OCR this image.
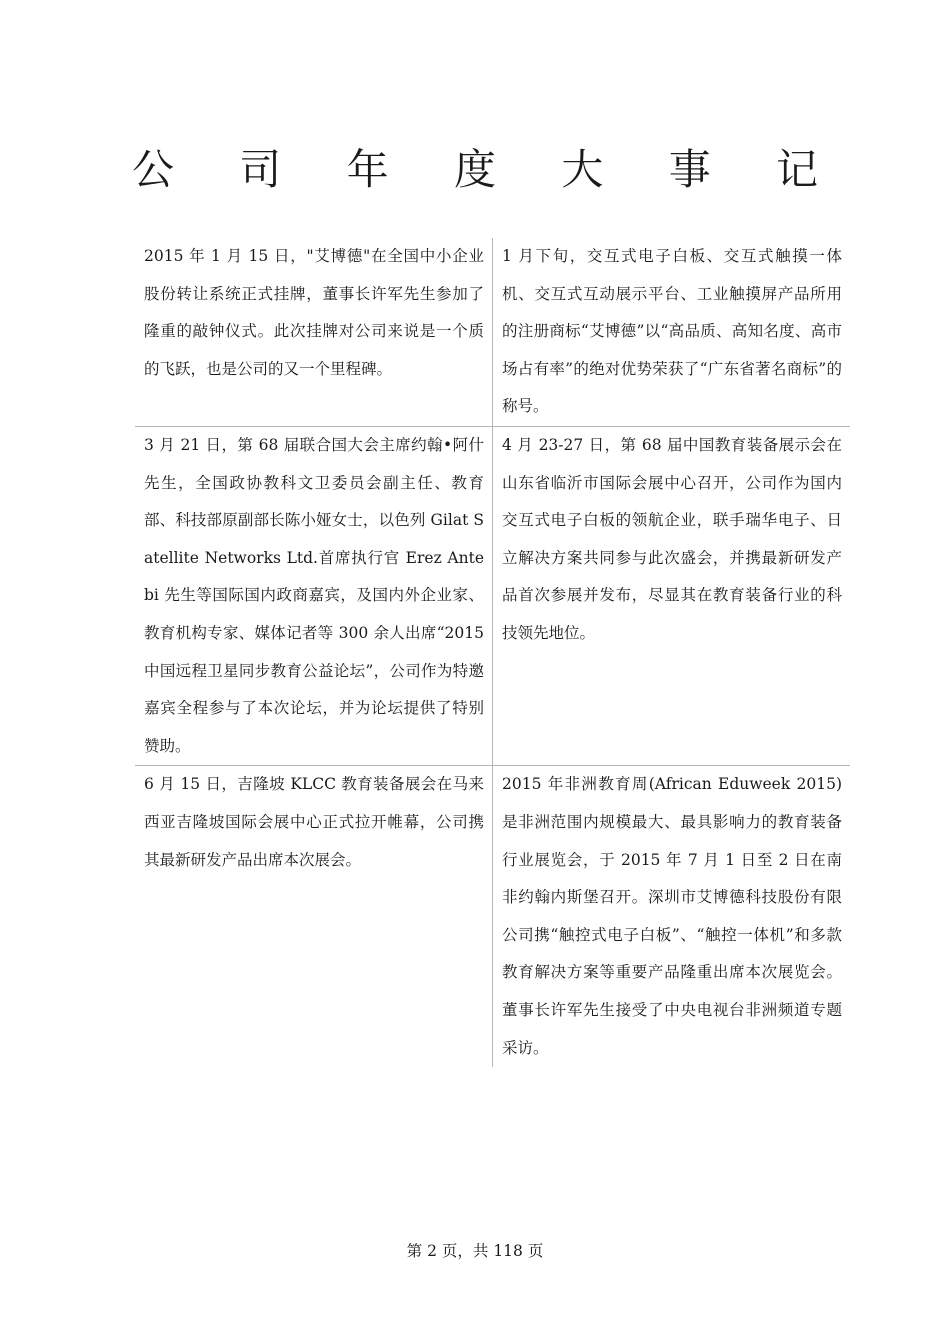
公 司 年 度 大 事 记
2015 年 1 月 15 日，"艾博德"在全国中小企业股份转让系统正式挂牌，董事长许军先生参加了隆重的敲钟仪式。此次挂牌对公司来说是一个质的飞跃，也是公司的又一个里程碑。	1 月下旬，交互式电子白板、交互式触摸一体机、交互式互动展示平台、工业触摸屏产品所用的注册商标“艾博德”以“高品质、高知名度、高市场占有率”的绝对优势荣获了“广东省著名商标”的称号。
3 月 21 日，第 68 届联合国大会主席约翰•阿什先生，全国政协教科文卫委员会副主任、教育部、科技部原副部长陈小娅女士，以色列 Gilat Satellite Networks Ltd.首席执行官 Erez Antebi 先生等国际国内政商嘉宾，及国内外企业家、教育机构专家、媒体记者等 300 余人出席“2015 中国远程卫星同步教育公益论坛”，公司作为特邀嘉宾全程参与了本次论坛，并为论坛提供了特别赞助。	4 月 23-27 日，第 68 届中国教育装备展示会在山东省临沂市国际会展中心召开，公司作为国内交互式电子白板的领航企业，联手瑞华电子、日立解决方案共同参与此次盛会，并携最新研发产品首次参展并发布，尽显其在教育装备行业的科技领先地位。
6 月 15 日，吉隆坡 KLCC 教育装备展会在马来西亚吉隆坡国际会展中心正式拉开帷幕，公司携其最新研发产品出席本次展会。	2015 年非洲教育周(African Eduweek 2015)是非洲范围内规模最大、最具影响力的教育装备行业展览会，于 2015 年 7 月 1 日至 2 日在南非约翰内斯堡召开。深圳市艾博德科技股份有限公司携“触控式电子白板”、“触控一体机”和多款教育解决方案等重要产品隆重出席本次展览会。董事长许军先生接受了中央电视台非洲频道专题采访。
第 2 页，共 118 页
